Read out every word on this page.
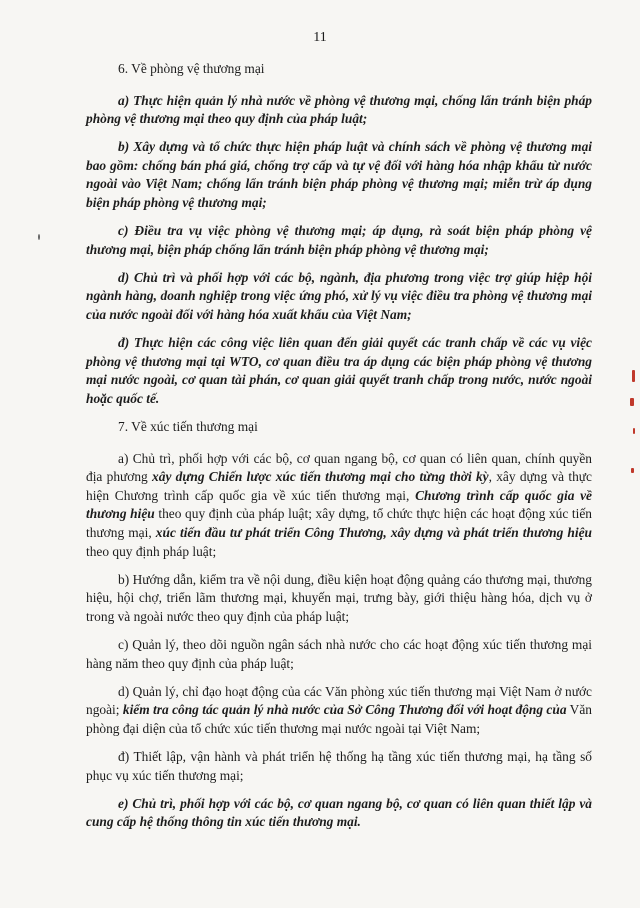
11

6. Về phòng vệ thương mại

a) Thực hiện quản lý nhà nước về phòng vệ thương mại, chống lẩn tránh biện pháp phòng vệ thương mại theo quy định của pháp luật;

b) Xây dựng và tổ chức thực hiện pháp luật và chính sách về phòng vệ thương mại bao gồm: chống bán phá giá, chống trợ cấp và tự vệ đối với hàng hóa nhập khẩu từ nước ngoài vào Việt Nam; chống lẩn tránh biện pháp phòng vệ thương mại; miễn trừ áp dụng biện pháp phòng vệ thương mại;

c) Điều tra vụ việc phòng vệ thương mại; áp dụng, rà soát biện pháp phòng vệ thương mại, biện pháp chống lẩn tránh biện pháp phòng vệ thương mại;

d) Chủ trì và phối hợp với các bộ, ngành, địa phương trong việc trợ giúp hiệp hội ngành hàng, doanh nghiệp trong việc ứng phó, xử lý vụ việc điều tra phòng vệ thương mại của nước ngoài đối với hàng hóa xuất khẩu của Việt Nam;

đ) Thực hiện các công việc liên quan đến giải quyết các tranh chấp về các vụ việc phòng vệ thương mại tại WTO, cơ quan điều tra áp dụng các biện pháp phòng vệ thương mại nước ngoài, cơ quan tài phán, cơ quan giải quyết tranh chấp trong nước, nước ngoài hoặc quốc tế.

7. Về xúc tiến thương mại

a) Chủ trì, phối hợp với các bộ, cơ quan ngang bộ, cơ quan có liên quan, chính quyền địa phương xây dựng Chiến lược xúc tiến thương mại cho từng thời kỳ, xây dựng và thực hiện Chương trình cấp quốc gia về xúc tiến thương mại, Chương trình cấp quốc gia về thương hiệu theo quy định của pháp luật; xây dựng, tổ chức thực hiện các hoạt động xúc tiến thương mại, xúc tiến đầu tư phát triển Công Thương, xây dựng và phát triển thương hiệu theo quy định pháp luật;

b) Hướng dẫn, kiểm tra về nội dung, điều kiện hoạt động quảng cáo thương mại, thương hiệu, hội chợ, triển lãm thương mại, khuyến mại, trưng bày, giới thiệu hàng hóa, dịch vụ ở trong và ngoài nước theo quy định của pháp luật;

c) Quản lý, theo dõi nguồn ngân sách nhà nước cho các hoạt động xúc tiến thương mại hàng năm theo quy định của pháp luật;

d) Quản lý, chỉ đạo hoạt động của các Văn phòng xúc tiến thương mại Việt Nam ở nước ngoài; kiểm tra công tác quản lý nhà nước của Sở Công Thương đối với hoạt động của Văn phòng đại diện của tổ chức xúc tiến thương mại nước ngoài tại Việt Nam;

đ) Thiết lập, vận hành và phát triển hệ thống hạ tầng xúc tiến thương mại, hạ tầng số phục vụ xúc tiến thương mại;

e) Chủ trì, phối hợp với các bộ, cơ quan ngang bộ, cơ quan có liên quan thiết lập và cung cấp hệ thống thông tin xúc tiến thương mại.
